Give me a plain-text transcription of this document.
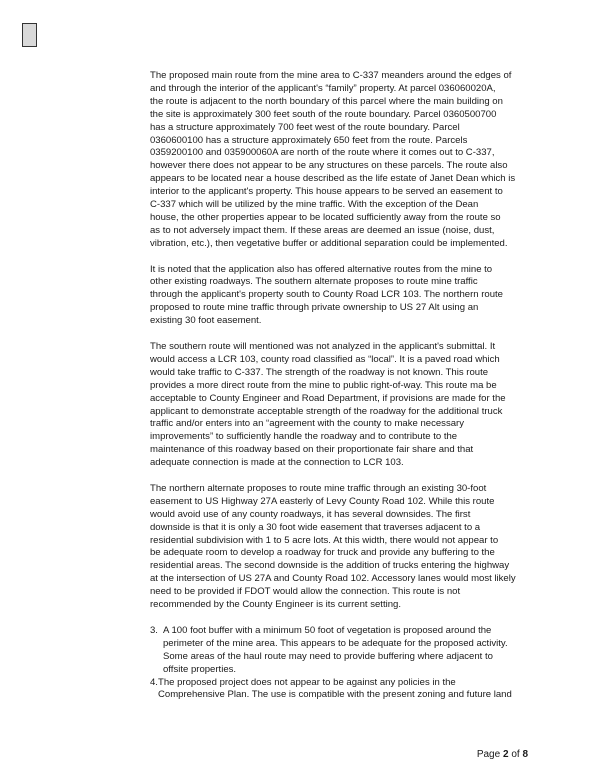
The proposed main route from the mine area to C-337 meanders around the edges of
and through the interior of the applicant's “family” property. At parcel 036060020A,
the route is adjacent to the north boundary of this parcel where the main building on
the site is approximately 300 feet south of the route boundary. Parcel 0360500700
has a structure approximately 700 feet west of the route boundary. Parcel
0360600100 has a structure approximately 650 feet from the route. Parcels
0359200100 and 035900060A are north of the route where it comes out to C-337,
however there does not appear to be any structures on these parcels. The route also
appears to be located near a house described as the life estate of Janet Dean which is
interior to the applicant's property. This house appears to be served an easement to
C-337 which will be utilized by the mine traffic. With the exception of the Dean
house, the other properties appear to be located sufficiently away from the route so
as to not adversely impact them. If these areas are deemed an issue (noise, dust,
vibration, etc.), then vegetative buffer or additional separation could be implemented.

It is noted that the application also has offered alternative routes from the mine to
other existing roadways. The southern alternate proposes to route mine traffic
through the applicant's property south to County Road LCR 103. The northern route
proposed to route mine traffic through private ownership to US 27 Alt using an
existing 30 foot easement.

The southern route will mentioned was not analyzed in the applicant's submittal. It
would access a LCR 103, county road classified as “local”. It is a paved road which
would take traffic to C-337. The strength of the roadway is not known. This route
provides a more direct route from the mine to public right-of-way. This route ma be
acceptable to County Engineer and Road Department, if provisions are made for the
applicant to demonstrate acceptable strength of the roadway for the additional truck
traffic and/or enters into an “agreement with the county to make necessary
improvements” to sufficiently handle the roadway and to contribute to the
maintenance of this roadway based on their proportionate fair share and that
adequate connection is made at the connection to LCR 103.

The northern alternate proposes to route mine traffic through an existing 30-foot
easement to US Highway 27A easterly of Levy County Road 102. While this route
would avoid use of any county roadways, it has several downsides. The first
downside is that it is only a 30 foot wide easement that traverses adjacent to a
residential subdivision with 1 to 5 acre lots. At this width, there would not appear to
be adequate room to develop a roadway for truck and provide any buffering to the
residential areas. The second downside is the addition of trucks entering the highway
at the intersection of US 27A and County Road 102. Accessory lanes would most likely
need to be provided if FDOT would allow the connection. This route is not
recommended by the County Engineer is its current setting.

3. A 100 foot buffer with a minimum 50 foot of vegetation is proposed around the
perimeter of the mine area. This appears to be adequate for the proposed activity.
Some areas of the haul route may need to provide buffering where adjacent to
offsite properties.
4. The proposed project does not appear to be against any policies in the
Comprehensive Plan. The use is compatible with the present zoning and future land
Page 2 of 8
